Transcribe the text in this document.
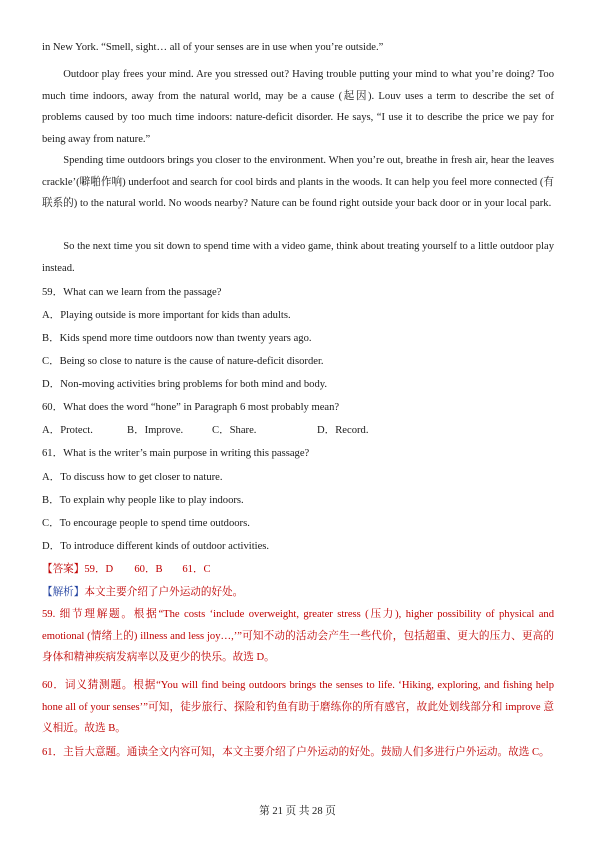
in New York. “Smell, sight… all of your senses are in use when you’re outside.”
Outdoor play frees your mind. Are you stressed out? Having trouble putting your mind to what you’re doing? Too much time indoors, away from the natural world, may be a cause (起因). Louv uses a term to describe the set of problems caused by too much time indoors: nature-deficit disorder. He says, “I use it to describe the price we pay for being away from nature.”
Spending time outdoors brings you closer to the environment. When you’re out, breathe in fresh air, hear the leaves crackle’(噼啪作响) underfoot and search for cool birds and plants in the woods. It can help you feel more connected (有联系的) to the natural world. No woods nearby? Nature can be found right outside your back door or in your local park.
So the next time you sit down to spend time with a video game, think about treating yourself to a little outdoor play instead.
59．What can we learn from the passage?
A．Playing outside is more important for kids than adults.
B．Kids spend more time outdoors now than twenty years ago.
C．Being so close to nature is the cause of nature-deficit disorder.
D．Non-moving activities bring problems for both mind and body.
60．What does the word “hone” in Paragraph 6 most probably mean?
A．Protect.	B．Improve.	C．Share.	D．Record.
61．What is the writer’s main purpose in writing this passage?
A．To discuss how to get closer to nature.
B．To explain why people like to play indoors.
C．To encourage people to spend time outdoors.
D．To introduce different kinds of outdoor activities.
【答案】59．D 60．B 61．C
【解析】本文主要介绍了户外运动的好处。
59. 细节理解题。根据“The costs ‘include overweight, greater stress (压力), higher possibility of physical and emotional (情绪上的) illness and less joy…,’”可知不动的活动会产生一些代价，包括超重、更大的压力、更高的身体和精神疾病发病率以及更少的快乐。故选 D。
60．词义猜测题。根据“You will find being outdoors brings the senses to life. ‘Hiking, exploring, and fishing help hone all of your senses’”可知，徒步旅行、探险和钓鱼有助于磨练你的所有感官，故此处划线部分和 improve 意义相近。故选 B。
61．主旨大意题。通读全文内容可知，本文主要介绍了户外运动的好处。鼓励人们多进行户外运动。故选 C。
第 21 页 共 28 页
